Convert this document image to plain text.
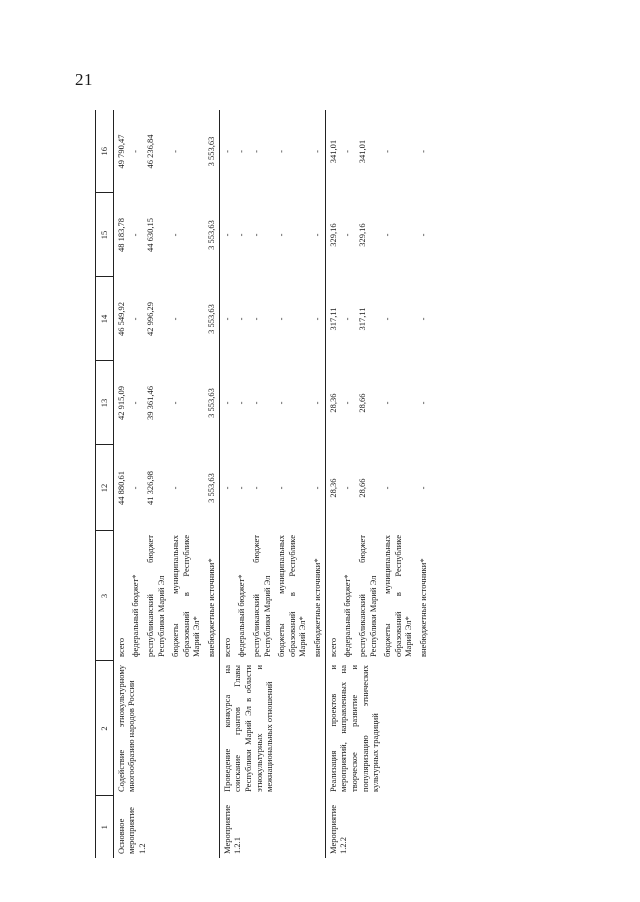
21
1	2	3	12	13	14	15	16
Основное мероприятие 1.2	Содействие этнокультурному многообразию народов России	всего	44 880,61	42 915,09	46 549,92	48 183,78	49 790,47
		федеральный бюджет*	-	-	-	-	-
		республиканский бюджет Республики Марий Эл	41 326,98	39 361,46	42 996,29	44 630,15	46 236,84
		бюджеты муниципальных образований в Республике Марий Эл*	-	-	-	-	-
		внебюджетные источники*	3 553,63	3 553,63	3 553,63	3 553,63	3 553,63
Мероприятие 1.2.1	Проведение конкурса на соискание грантов Главы Республики Марий Эл в области этнокультурных и межнациональных отношений	всего	-	-	-	-	-
		федеральный бюджет*	-	-	-	-	-
		республиканский бюджет Республики Марий Эл	-	-	-	-	-
		бюджеты муниципальных образований в Республике Марий Эл*	-	-	-	-	-
		внебюджетные источники*	-	-	-	-	-
Мероприятие 1.2.2	Реализация проектов и мероприятий, направленных на творческое развитие и популяризацию этнических культурных традиций	всего	28,36	28,36	317,11	329,16	341,01
		федеральный бюджет*	-	-	-	-	-
		республиканский бюджет Республики Марий Эл	28,66	28,66	317,11	329,16	341,01
		бюджеты муниципальных образований в Республике Марий Эл*	-	-	-	-	-
		внебюджетные источники*	-	-	-	-	-
